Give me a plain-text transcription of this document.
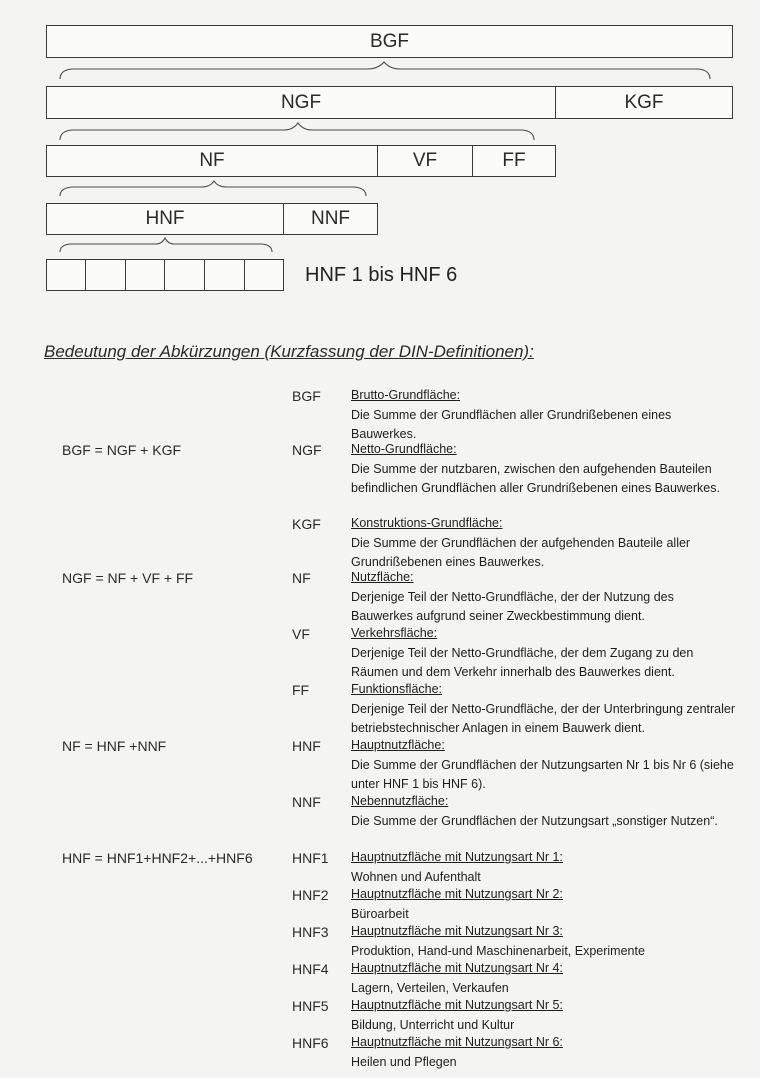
BGF
NGF	KGF
NF	VF	FF
HNF	NNF
HNF 1 bis HNF 6
Bedeutung der Abkürzungen (Kurzfassung der DIN-Definitionen):
BGF = NGF + KGF
NGF = NF + VF + FF
NF = HNF +NNF
HNF = HNF1+HNF2+...+HNF6
BGF Brutto-Grundfläche:
Die Summe der Grundflächen aller Grundrißebenen eines Bauwerkes.
NGF Netto-Grundfläche:
Die Summe der nutzbaren, zwischen den aufgehenden Bauteilen befindlichen Grundflächen aller Grundrißebenen eines Bauwerkes.
KGF Konstruktions-Grundfläche:
Die Summe der Grundflächen der aufgehenden Bauteile aller Grundrißebenen eines Bauwerkes.
NF	Nutzfläche:
Derjenige Teil der Netto-Grundfläche, der der Nutzung des Bauwerkes aufgrund seiner Zweckbestimmung dient.
VF	Verkehrsfläche:
Derjenige Teil der Netto-Grundfläche, der dem Zugang zu den Räumen und dem Verkehr innerhalb des Bauwerkes dient.
FF	Funktionsfläche:
Derjenige Teil der Netto-Grundfläche, der der Unterbringung zentraler betriebstechnischer Anlagen in einem Bauwerk dient.
HNF Hauptnutzfläche:
Die Summe der Grundflächen der Nutzungsarten Nr 1 bis Nr 6 (siehe unter HNF 1 bis HNF 6).
NNF Nebennutzfläche:
Die Summe der Grundflächen der Nutzungsart „sonstiger Nutzen“.
HNF1 Hauptnutzfläche mit Nutzungsart Nr 1:
Wohnen und Aufenthalt
HNF2 Hauptnutzfläche mit Nutzungsart Nr 2:
Büroarbeit
HNF3 Hauptnutzfläche mit Nutzungsart Nr 3:
Produktion, Hand-und Maschinenarbeit, Experimente
HNF4 Hauptnutzfläche mit Nutzungsart Nr 4:
Lagern, Verteilen, Verkaufen
HNF5 Hauptnutzfläche mit Nutzungsart Nr 5:
Bildung, Unterricht und Kultur
HNF6 Hauptnutzfläche mit Nutzungsart Nr 6:
Heilen und Pflegen
